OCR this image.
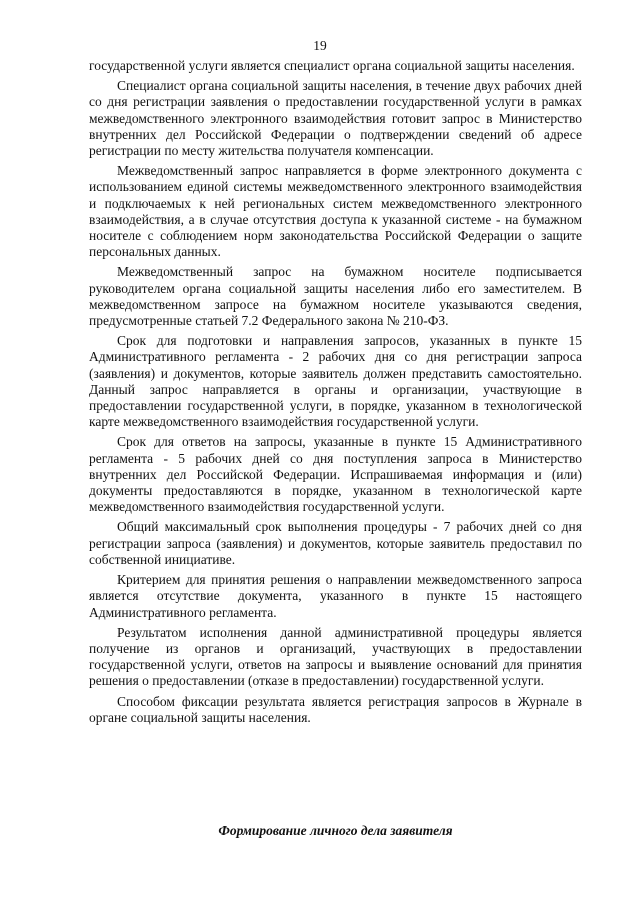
19

государственной услуги является специалист органа социальной защиты населения.

Специалист органа социальной защиты населения, в течение двух рабочих дней со дня регистрации заявления о предоставлении государственной услуги в рамках межведомственного электронного взаимодействия готовит запрос в Министерство внутренних дел Российской Федерации о подтверждении сведений об адресе регистрации по месту жительства получателя компенсации.

Межведомственный запрос направляется в форме электронного документа с использованием единой системы межведомственного электронного взаимодействия и подключаемых к ней региональных систем межведомственного электронного взаимодействия, а в случае отсутствия доступа к указанной системе - на бумажном носителе с соблюдением норм законодательства Российской Федерации о защите персональных данных.

Межведомственный запрос на бумажном носителе подписывается руководителем органа социальной защиты населения либо его заместителем. В межведомственном запросе на бумажном носителе указываются сведения, предусмотренные статьей 7.2 Федерального закона № 210-ФЗ.

Срок для подготовки и направления запросов, указанных в пункте 15 Административного регламента - 2 рабочих дня со дня регистрации запроса (заявления) и документов, которые заявитель должен представить самостоятельно. Данный запрос направляется в органы и организации, участвующие в предоставлении государственной услуги, в порядке, указанном в технологической карте межведомственного взаимодействия государственной услуги.

Срок для ответов на запросы, указанные в пункте 15 Административного регламента - 5 рабочих дней со дня поступления запроса в Министерство внутренних дел Российской Федерации. Испрашиваемая информация и (или) документы предоставляются в порядке, указанном в технологической карте межведомственного взаимодействия государственной услуги.

Общий максимальный срок выполнения процедуры - 7 рабочих дней со дня регистрации запроса (заявления) и документов, которые заявитель предоставил по собственной инициативе.

Критерием для принятия решения о направлении межведомственного запроса является отсутствие документа, указанного в пункте 15 настоящего Административного регламента.

Результатом исполнения данной административной процедуры является получение из органов и организаций, участвующих в предоставлении государственной услуги, ответов на запросы и выявление оснований для принятия решения о предоставлении (отказе в предоставлении) государственной услуги.

Способом фиксации результата является регистрация запросов в Журнале в органе социальной защиты населения.

Формирование личного дела заявителя
